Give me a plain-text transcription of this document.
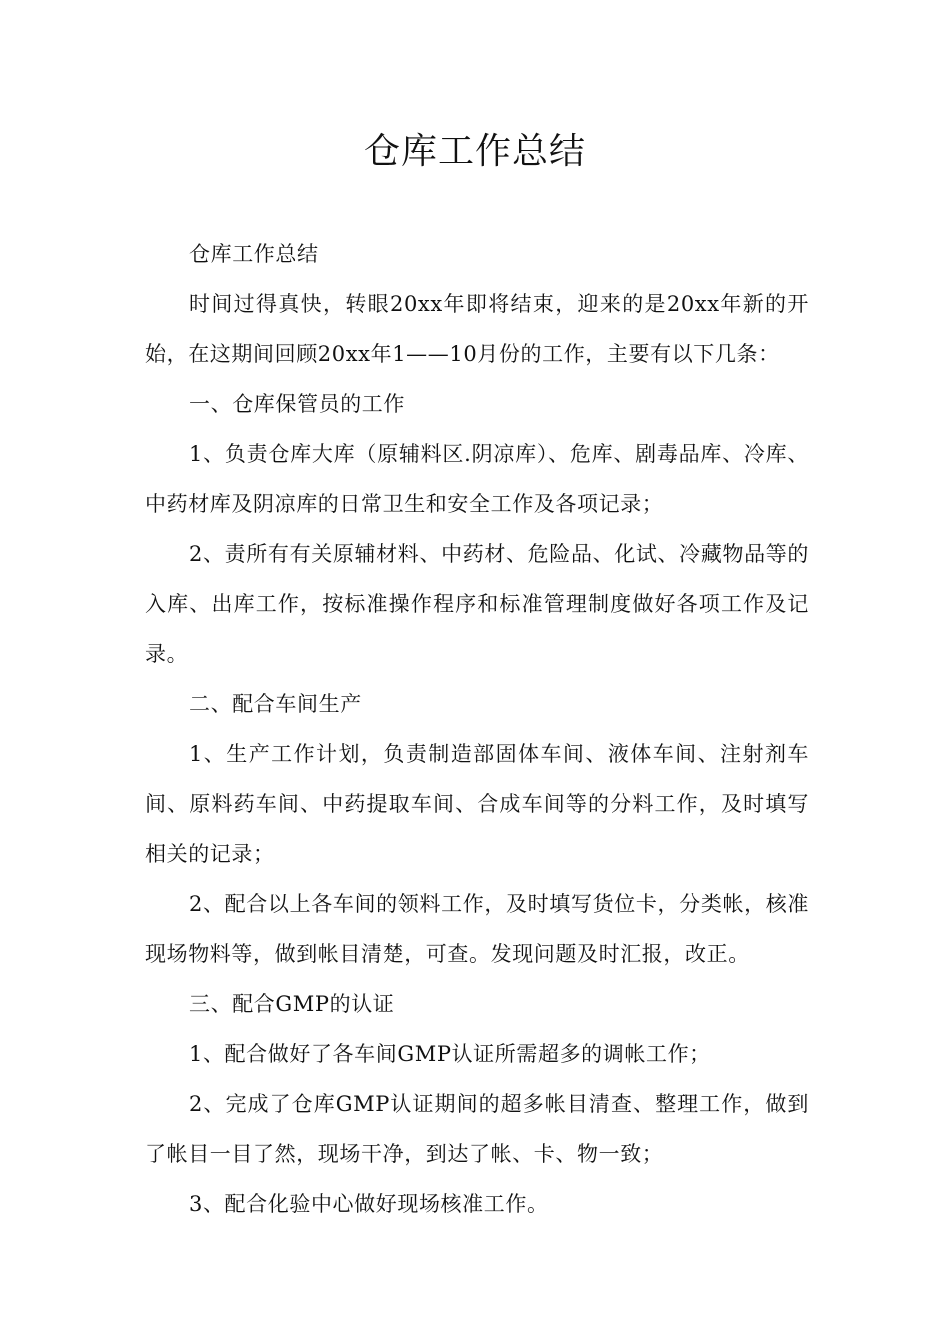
仓库工作总结

仓库工作总结

时间过得真快，转眼20xx年即将结束，迎来的是20xx年新的开始，在这期间回顾20xx年1——10月份的工作，主要有以下几条：

一、仓库保管员的工作

1、负责仓库大库（原辅料区.阴凉库）、危库、剧毒品库、冷库、中药材库及阴凉库的日常卫生和安全工作及各项记录；

2、责所有有关原辅材料、中药材、危险品、化试、冷藏物品等的入库、出库工作，按标准操作程序和标准管理制度做好各项工作及记录。

二、配合车间生产

1、生产工作计划，负责制造部固体车间、液体车间、注射剂车间、原料药车间、中药提取车间、合成车间等的分料工作，及时填写相关的记录；

2、配合以上各车间的领料工作，及时填写货位卡，分类帐，核准现场物料等，做到帐目清楚，可查。发现问题及时汇报，改正。

三、配合GMP的认证

1、配合做好了各车间GMP认证所需超多的调帐工作；

2、完成了仓库GMP认证期间的超多帐目清查、整理工作，做到了帐目一目了然，现场干净，到达了帐、卡、物一致；

3、配合化验中心做好现场核准工作。
